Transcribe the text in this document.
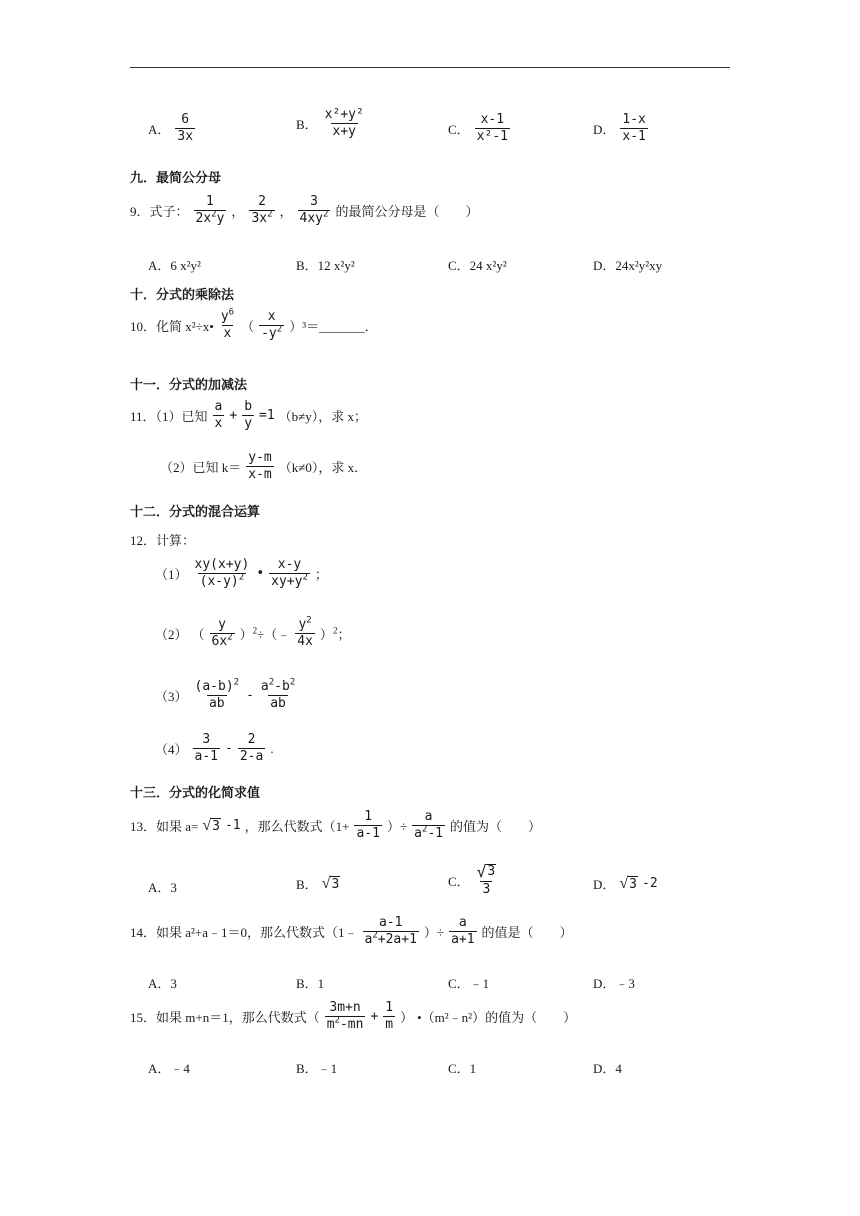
A． $\frac{6}{3x}$	B． $\frac{\text{x²+y²}}{x+y}$	C． $\frac{x-1}{\text{x²-1}}$	D． $\frac{1-x}{x-1}$
九．最简公分母
9．式子： $\frac{1}{2x^2y}$ ， $\frac{2}{3x^2}$ ， $\frac{3}{4xy^2}$ 的最简公分母是（　　）
A．6 x²y²	B．12 x²y²	C．24 x²y²	D．24x²y²xy
十．分式的乘除法
10．化简 x²÷x• $\frac{y^6}{x}$ （ $\frac{x}{-y^2}$ ）³＝_______．
十一．分式的加减法
11．（1）已知 $\frac{a}{x} + \frac{b}{y} =1$ （b≠y），求 x；
（2）已知 $k= \frac{y-m}{x-m} (k\ne 0)$，求 x．
十二．分式的混合运算
12．计算：
$(1) \frac{xy(x+y)}{(x-y)^2}$ • $\frac{x-y}{xy+y^2}$ ；
（2） （ $\frac{y}{6x^2}$ ）$^2$÷（﹣ $\frac{y^2}{4x} )^2$；
$(3) \frac{(a-b)^2}{ab} - \frac{a^2-b^2}{ab}$
$(4) \frac{3}{a-1} - \frac{2}{2-a}$ .
十三．分式的化简求值
13．如果 a= √ 3 -1 ，那么代数式（$1+ \frac{1}{a-1}$ ）÷ $\frac{a}{a^2-1}$ 的值为（　　）
A．3	B． √ 3	C． $\frac{√ 3}{3}$	D． √ 3 -2
14．如果 a²+a﹣1＝0，那么代数式（1﹣ $\frac{a-1}{a^2+2a+1}$ ）÷ $\frac{a}{a+1}$ 的值是（　　）
A．3	B．1	C．﹣1	D．﹣3
15．如果 m+n＝1，那么代数式（ $\frac{3m+n}{m^2-mn} + \frac{1}{m}$ ） •（m²﹣n²）的值为（　　）
A．﹣4	B．﹣1	C．1	D．4
